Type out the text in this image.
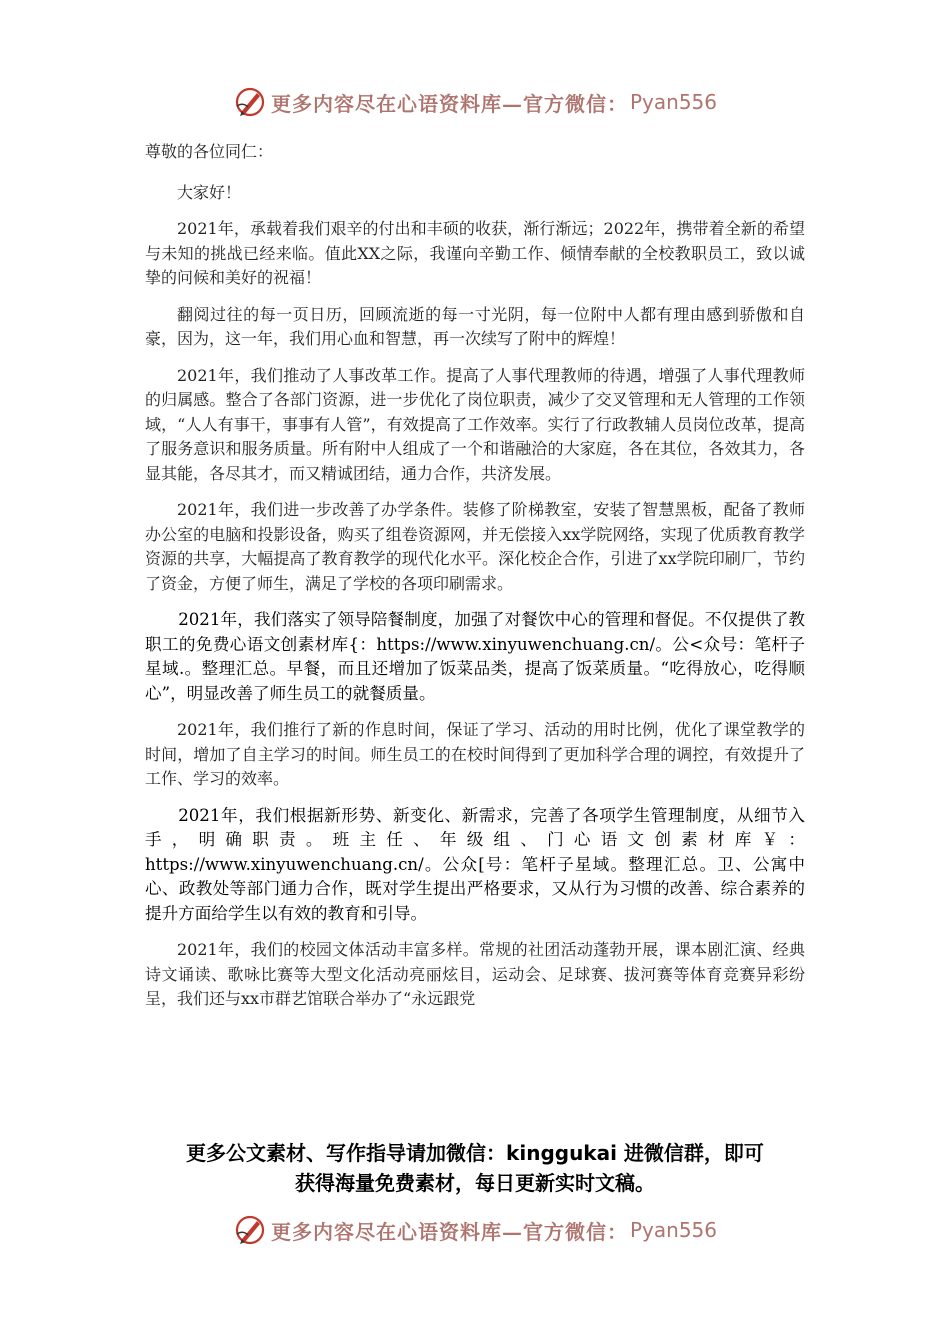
更多内容尽在心语资料库—官方微信： Pyan556

尊敬的各位同仁：

大家好！

2021年，承载着我们艰辛的付出和丰硕的收获，渐行渐远；2022年，携带着全新的希望与未知的挑战已经来临。值此XX之际，我谨向辛勤工作、倾情奉献的全校教职员工，致以诚挚的问候和美好的祝福！

翻阅过往的每一页日历，回顾流逝的每一寸光阴，每一位附中人都有理由感到骄傲和自豪，因为，这一年，我们用心血和智慧，再一次续写了附中的辉煌！

2021年，我们推动了人事改革工作。提高了人事代理教师的待遇，增强了人事代理教师的归属感。整合了各部门资源，进一步优化了岗位职责，减少了交叉管理和无人管理的工作领域，“人人有事干，事事有人管”，有效提高了工作效率。实行了行政教辅人员岗位改革，提高了服务意识和服务质量。所有附中人组成了一个和谐融洽的大家庭，各在其位，各效其力，各显其能，各尽其才，而又精诚团结，通力合作，共济发展。

2021年，我们进一步改善了办学条件。装修了阶梯教室，安装了智慧黑板，配备了教师办公室的电脑和投影设备，购买了组卷资源网，并无偿接入xx学院网络，实现了优质教育教学资源的共享，大幅提高了教育教学的现代化水平。深化校企合作，引进了xx学院印刷厂，节约了资金，方便了师生，满足了学校的各项印刷需求。

2021年，我们落实了领导陪餐制度，加强了对餐饮中心的管理和督促。不仅提供了教职工的免费心语文创素材库{：https://www.xinyuwenchuang.cn/。公<众号：笔杆子星域.。整理汇总。早餐，而且还增加了饭菜品类，提高了饭菜质量。“吃得放心，吃得顺心”，明显改善了师生员工的就餐质量。

2021年，我们推行了新的作息时间，保证了学习、活动的用时比例，优化了课堂教学的时间，增加了自主学习的时间。师生员工的在校时间得到了更加科学合理的调控，有效提升了工作、学习的效率。

2021年，我们根据新形势、新变化、新需求，完善了各项学生管理制度，从细节入手，明确职责。班主任、年级组、门心语文创素材库￥：https://www.xinyuwenchuang.cn/。公众[号：笔杆子星域。整理汇总。卫、公寓中心、政教处等部门通力合作，既对学生提出严格要求，又从行为习惯的改善、综合素养的提升方面给学生以有效的教育和引导。

2021年，我们的校园文体活动丰富多样。常规的社团活动蓬勃开展，课本剧汇演、经典诗文诵读、歌咏比赛等大型文化活动亮丽炫目，运动会、足球赛、拔河赛等体育竞赛异彩纷呈，我们还与xx市群艺馆联合举办了“永远跟党

更多公文素材、写作指导请加微信：kinggukai 进微信群，即可
获得海量免费素材，每日更新实时文稿。
更多内容尽在心语资料库—官方微信： Pyan556
